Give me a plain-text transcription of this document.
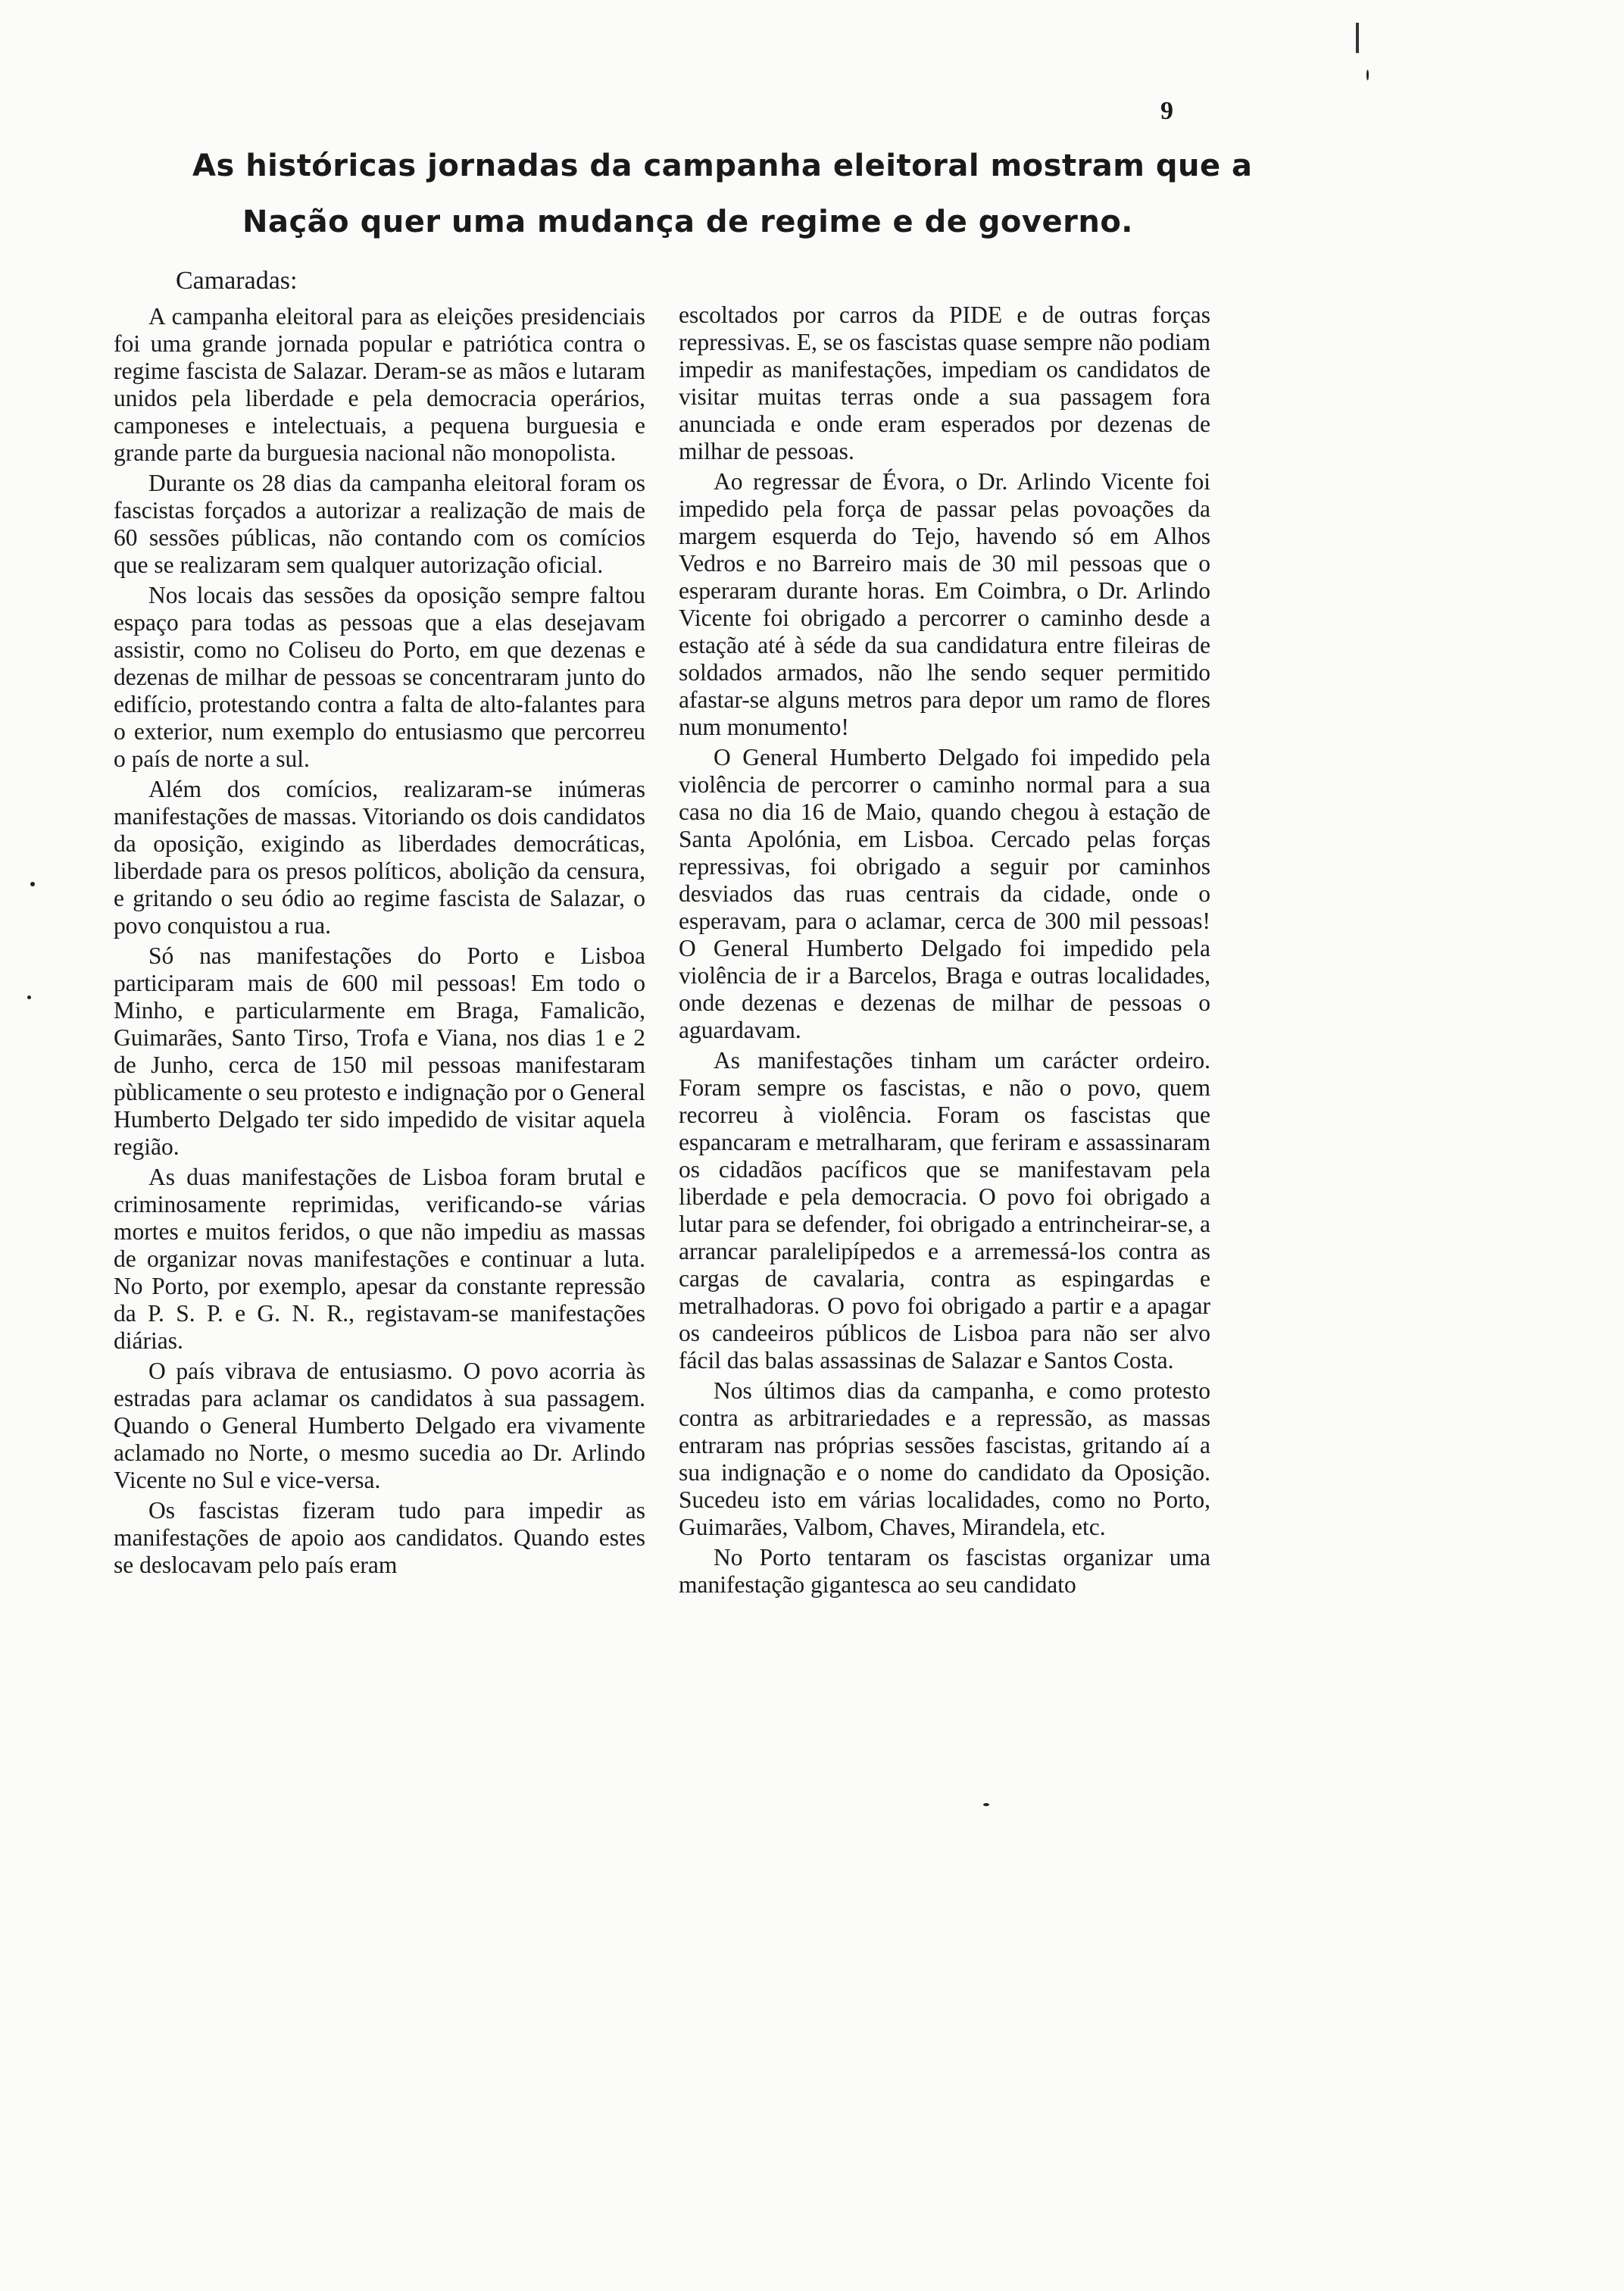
9
As históricas jornadas da campanha eleitoral mostram que a
Nação quer uma mudança de regime e de governo.
Camaradas:

A campanha eleitoral para as eleições presidenciais foi uma grande jornada popular e patriótica contra o regime fascista de Salazar. Deram-se as mãos e lutaram unidos pela liberdade e pela democracia operários, camponeses e intelectuais, a pequena burguesia e grande parte da burguesia nacional não monopolista.

Durante os 28 dias da campanha eleitoral foram os fascistas forçados a autorizar a realização de mais de 60 sessões públicas, não contando com os comícios que se realizaram sem qualquer autorização oficial.

Nos locais das sessões da oposição sempre faltou espaço para todas as pessoas que a elas desejavam assistir, como no Coliseu do Porto, em que dezenas e dezenas de milhar de pessoas se concentraram junto do edifício, protestando contra a falta de alto-falantes para o exterior, num exemplo do entusiasmo que percorreu o país de norte a sul.

Além dos comícios, realizaram-se inúmeras manifestações de massas. Vitoriando os dois candidatos da oposição, exigindo as liberdades democráticas, liberdade para os presos políticos, abolição da censura, e gritando o seu ódio ao regime fascista de Salazar, o povo conquistou a rua.

Só nas manifestações do Porto e Lisboa participaram mais de 600 mil pessoas! Em todo o Minho, e particularmente em Braga, Famalicão, Guimarães, Santo Tirso, Trofa e Viana, nos dias 1 e 2 de Junho, cerca de 150 mil pessoas manifestaram pùblicamente o seu protesto e indignação por o General Humberto Delgado ter sido impedido de visitar aquela região.

As duas manifestações de Lisboa foram brutal e criminosamente reprimidas, verificando-se várias mortes e muitos feridos, o que não impediu as massas de organizar novas manifestações e continuar a luta. No Porto, por exemplo, apesar da constante repressão da P. S. P. e G. N. R., registavam-se manifestações diárias.

O país vibrava de entusiasmo. O povo acorria às estradas para aclamar os candidatos à sua passagem. Quando o General Humberto Delgado era vivamente aclamado no Norte, o mesmo sucedia ao Dr. Arlindo Vicente no Sul e vice-versa.

Os fascistas fizeram tudo para impedir as manifestações de apoio aos candidatos. Quando estes se deslocavam pelo país eram

escoltados por carros da PIDE e de outras forças repressivas. E, se os fascistas quase sempre não podiam impedir as manifestações, impediam os candidatos de visitar muitas terras onde a sua passagem fora anunciada e onde eram esperados por dezenas de milhar de pessoas.

Ao regressar de Évora, o Dr. Arlindo Vicente foi impedido pela força de passar pelas povoações da margem esquerda do Tejo, havendo só em Alhos Vedros e no Barreiro mais de 30 mil pessoas que o esperaram durante horas. Em Coimbra, o Dr. Arlindo Vicente foi obrigado a percorrer o caminho desde a estação até à séde da sua candidatura entre fileiras de soldados armados, não lhe sendo sequer permitido afastar-se alguns metros para depor um ramo de flores num monumento!

O General Humberto Delgado foi impedido pela violência de percorrer o caminho normal para a sua casa no dia 16 de Maio, quando chegou à estação de Santa Apolónia, em Lisboa. Cercado pelas forças repressivas, foi obrigado a seguir por caminhos desviados das ruas centrais da cidade, onde o esperavam, para o aclamar, cerca de 300 mil pessoas! O General Humberto Delgado foi impedido pela violência de ir a Barcelos, Braga e outras localidades, onde dezenas e dezenas de milhar de pessoas o aguardavam.

As manifestações tinham um carácter ordeiro. Foram sempre os fascistas, e não o povo, quem recorreu à violência. Foram os fascistas que espancaram e metralharam, que feriram e assassinaram os cidadãos pacíficos que se manifestavam pela liberdade e pela democracia. O povo foi obrigado a lutar para se defender, foi obrigado a entrincheirar-se, a arrancar paralelipípedos e a arremessá-los contra as cargas de cavalaria, contra as espingardas e metralhadoras. O povo foi obrigado a partir e a apagar os candeeiros públicos de Lisboa para não ser alvo fácil das balas assassinas de Salazar e Santos Costa.

Nos últimos dias da campanha, e como protesto contra as arbitrariedades e a repressão, as massas entraram nas próprias sessões fascistas, gritando aí a sua indignação e o nome do candidato da Oposição. Sucedeu isto em várias localidades, como no Porto, Guimarães, Valbom, Chaves, Mirandela, etc.

No Porto tentaram os fascistas organizar uma manifestação gigantesca ao seu candidato
